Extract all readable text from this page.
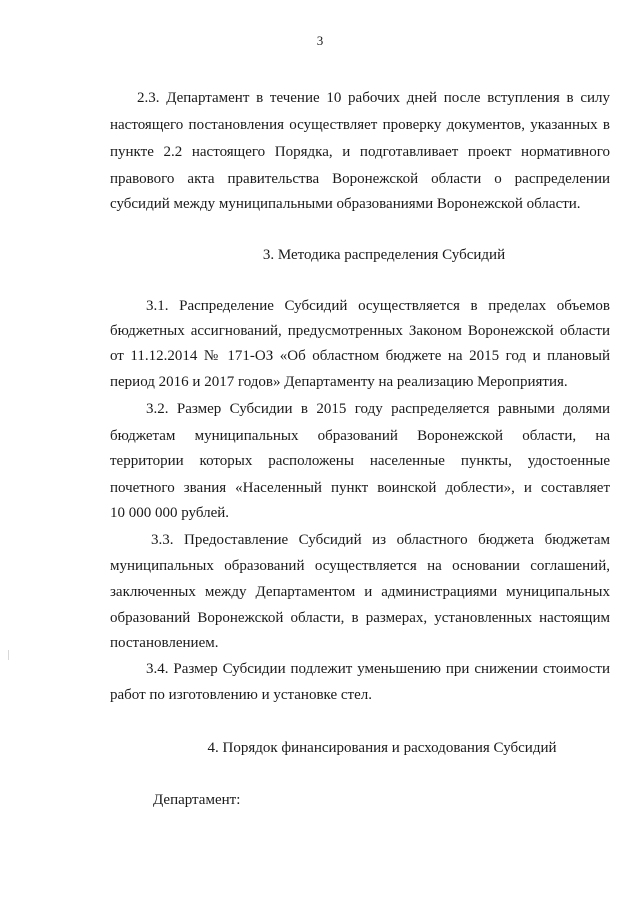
3
2.3. Департамент в течение 10 рабочих дней после вступления в силу
настоящего постановления осуществляет проверку документов, указанных в
пункте 2.2 настоящего Порядка, и подготавливает проект нормативного
правового акта правительства Воронежской области о распределении
субсидий между муниципальными образованиями Воронежской области.
3. Методика распределения Субсидий
3.1. Распределение Субсидий осуществляется в пределах объемов
бюджетных ассигнований, предусмотренных Законом Воронежской области
от 11.12.2014 № 171-ОЗ «Об областном бюджете на 2015 год и плановый
период 2016 и 2017 годов» Департаменту на реализацию Мероприятия.
3.2. Размер Субсидии в 2015 году распределяется равными долями
бюджетам муниципальных образований Воронежской области, на
территории которых расположены населенные пункты, удостоенные
почетного звания «Населенный пункт воинской доблести», и составляет
10 000 000 рублей.
3.3. Предоставление Субсидий из областного бюджета бюджетам
муниципальных образований осуществляется на основании соглашений,
заключенных между Департаментом и администрациями муниципальных
образований Воронежской области, в размерах, установленных настоящим
постановлением.
3.4. Размер Субсидии подлежит уменьшению при снижении стоимости
работ по изготовлению и установке стел.
4. Порядок финансирования и расходования Субсидий
Департамент:
